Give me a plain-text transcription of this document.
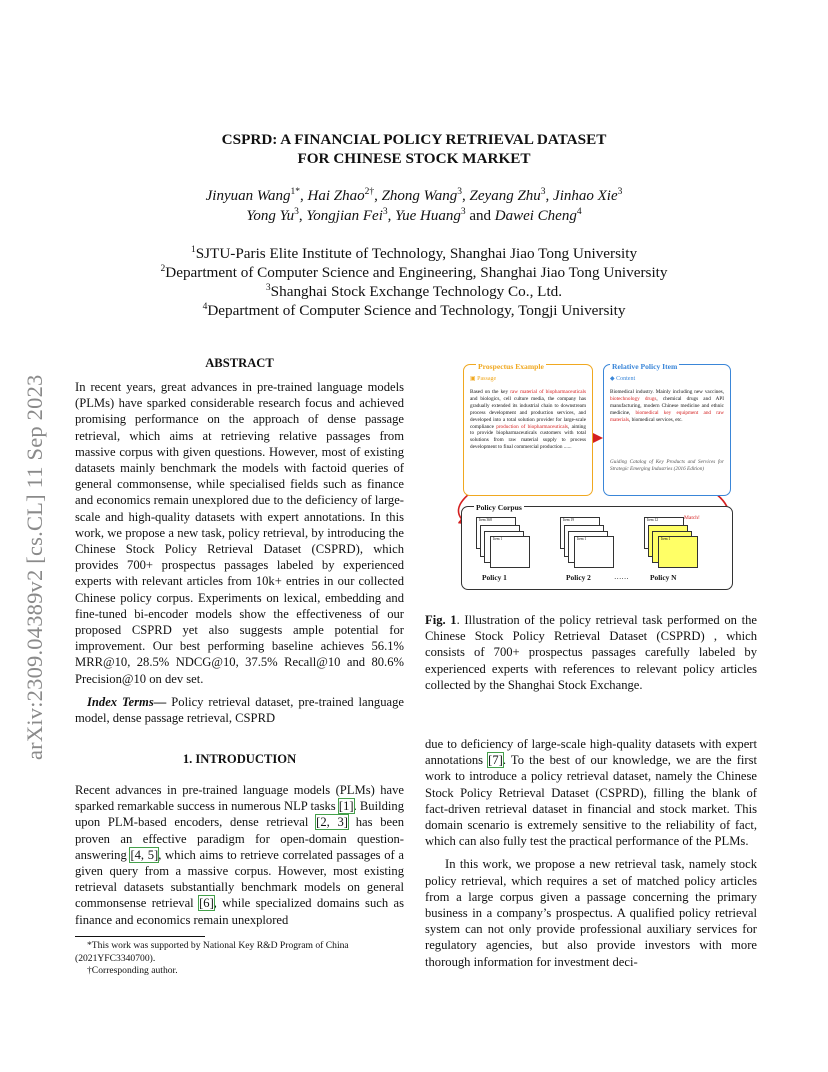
arXiv:2309.04389v2 [cs.CL] 11 Sep 2023
CSPRD: A FINANCIAL POLICY RETRIEVAL DATASET
FOR CHINESE STOCK MARKET
Jinyuan Wang$^{1*}$, Hai Zhao$^{2\dagger}$, Zhong Wang$^3$, Zeyang Zhu$^3$, Jinhao Xie$^3$
Yong Yu$^3$, Yongjian Fei$^3$, Yue Huang$^3$ and Dawei Cheng$^4$
$^1$SJTU-Paris Elite Institute of Technology, Shanghai Jiao Tong University
$^2$Department of Computer Science and Engineering, Shanghai Jiao Tong University
$^3$Shanghai Stock Exchange Technology Co., Ltd.
$^4$Department of Computer Science and Technology, Tongji University
ABSTRACT

In recent years, great advances in pre-trained language models (PLMs) have sparked considerable research focus and achieved promising performance on the approach of dense passage retrieval, which aims at retrieving relative passages from massive corpus with given questions. However, most of existing datasets mainly benchmark the models with factoid queries of general commonsense, while specialised fields such as finance and economics remain unexplored due to the deficiency of large-scale and high-quality datasets with expert annotations. In this work, we propose a new task, policy retrieval, by introducing the Chinese Stock Policy Retrieval Dataset (CSPRD), which provides 700+ prospectus passages labeled by experienced experts with relevant articles from 10k+ entries in our collected Chinese policy corpus. Experiments on lexical, embedding and fine-tuned bi-encoder models show the effectiveness of our proposed CSPRD yet also suggests ample potential for improvement. Our best performing baseline achieves 56.1% MRR@10, 28.5% NDCG@10, 37.5% Recall@10 and 80.6% Precision@10 on dev set.

Index Terms— Policy retrieval dataset, pre-trained language model, dense passage retrieval, CSPRD

1. INTRODUCTION

Recent advances in pre-trained language models (PLMs) have sparked remarkable success in numerous NLP tasks [1]. Building upon PLM-based encoders, dense retrieval [2, 3] has been proven an effective paradigm for open-domain question-answering [4, 5], which aims to retrieve correlated passages of a given query from a massive corpus. However, most existing retrieval datasets substantially benchmark models on general commonsense retrieval [6], while specialized domains such as finance and economics remain unexplored

*This work was supported by National Key R&D Program of China (2021YFC3340700).
†Corresponding author.
Prospectus Example
▣ Passage
Based on the key raw material of biopharmaceuticals and biologics, cell culture media, the company has gradually extended its industrial chain to downstream process development and production services, and developed into a total solution provider for large-scale compliance production of biopharmaceuticals, aiming to provide biopharmaceuticals customers with total solutions from raw material supply to process development to final commercial production ......
Relative Policy Item
◆ Content
Biomedical industry. Mainly including new vaccines, biotechnology drugs, chemical drugs and API manufacturing, modern Chinese medicine and ethnic medicine, biomedical key equipment and raw materials, biomedical services, etc.
Guiding Catalog of Key Products and Services for Strategic Emerging Industries (2016 Edition)
Policy Corpus
Item 368
Item 1
Item 19
Item 1
Item 12
Item 1
Match!
Policy 1	Policy 2	……	Policy N
Fig. 1. Illustration of the policy retrieval task performed on the Chinese Stock Policy Retrieval Dataset (CSPRD) , which consists of 700+ prospectus passages carefully labeled by experienced experts with references to relevant policy articles collected by the Shanghai Stock Exchange.

due to deficiency of large-scale high-quality datasets with expert annotations [7]. To the best of our knowledge, we are the first work to introduce a policy retrieval dataset, namely the Chinese Stock Policy Retrieval Dataset (CSPRD), filling the blank of fact-driven retrieval dataset in financial and stock market. This domain scenario is extremely sensitive to the reliability of fact, which can also fully test the practical performance of the PLMs.

In this work, we propose a new retrieval task, namely stock policy retrieval, which requires a set of matched policy articles from a large corpus given a passage concerning the primary business in a company’s prospectus. A qualified policy retrieval system can not only provide professional auxiliary services for regulatory agencies, but also provide investors with more thorough information for investment deci-
